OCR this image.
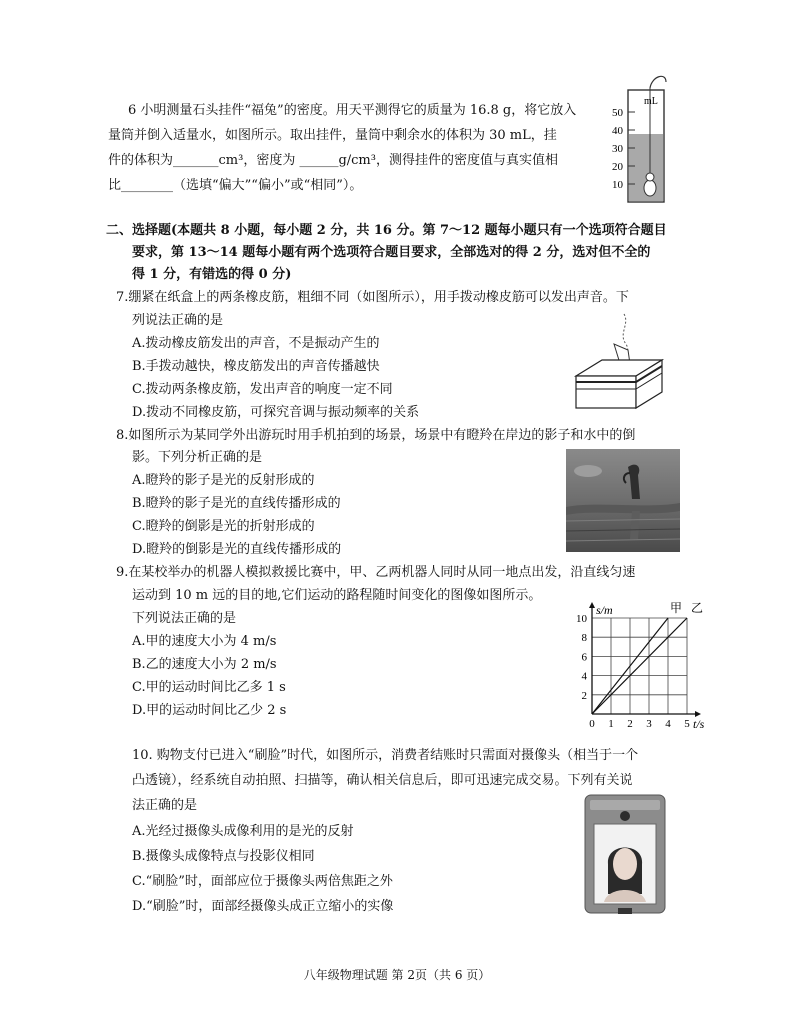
6 小明测量石头挂件“福兔”的密度。用天平测得它的质量为 16.8 g，将它放入
量筒并倒入适量水，如图所示。取出挂件，量筒中剩余水的体积为 30 mL，挂
件的体积为_______cm³，密度为 ______g/cm³，测得挂件的密度值与真实值相
比________（选填“偏大”“偏小”或“相同”）。
mL
50
40
30
20
10
二、选择题(本题共 8 小题，每小题 2 分，共 16 分。第 7～12 题每小题只有一个选项符合题目
要求，第 13～14 题每小题有两个选项符合题目要求，全部选对的得 2 分，选对但不全的
得 1 分，有错选的得 0 分)
7.绷紧在纸盒上的两条橡皮筋，粗细不同（如图所示），用手拨动橡皮筋可以发出声音。下
列说法正确的是
A.拨动橡皮筋发出的声音，不是振动产生的
B.手拨动越快，橡皮筋发出的声音传播越快
C.拨动两条橡皮筋，发出声音的响度一定不同
D.拨动不同橡皮筋，可探究音调与振动频率的关系
8.如图所示为某同学外出游玩时用手机拍到的场景，场景中有瞪羚在岸边的影子和水中的倒
影。下列分析正确的是
A.瞪羚的影子是光的反射形成的
B.瞪羚的影子是光的直线传播形成的
C.瞪羚的倒影是光的折射形成的
D.瞪羚的倒影是光的直线传播形成的
9.在某校举办的机器人模拟救援比赛中，甲、乙两机器人同时从同一地点出发，沿直线匀速
运动到 10 m 远的目的地,它们运动的路程随时间变化的图像如图所示。
下列说法正确的是
A.甲的速度大小为 4 m/s
B.乙的速度大小为 2 m/s
C.甲的运动时间比乙多 1 s
D.甲的运动时间比乙少 2 s
0 1 2 3 4 5
10
8
6
4
2
s/m
t/s
甲 乙
10. 购物支付已进入“刷脸”时代，如图所示，消费者结账时只需面对摄像头（相当于一个
凸透镜），经系统自动拍照、扫描等，确认相关信息后，即可迅速完成交易。下列有关说
法正确的是
A.光经过摄像头成像利用的是光的反射
B.摄像头成像特点与投影仪相同
C.“刷脸”时，面部应位于摄像头两倍焦距之外
D.“刷脸”时，面部经摄像头成正立缩小的实像
八年级物理试题 第 2页（共 6 页）
